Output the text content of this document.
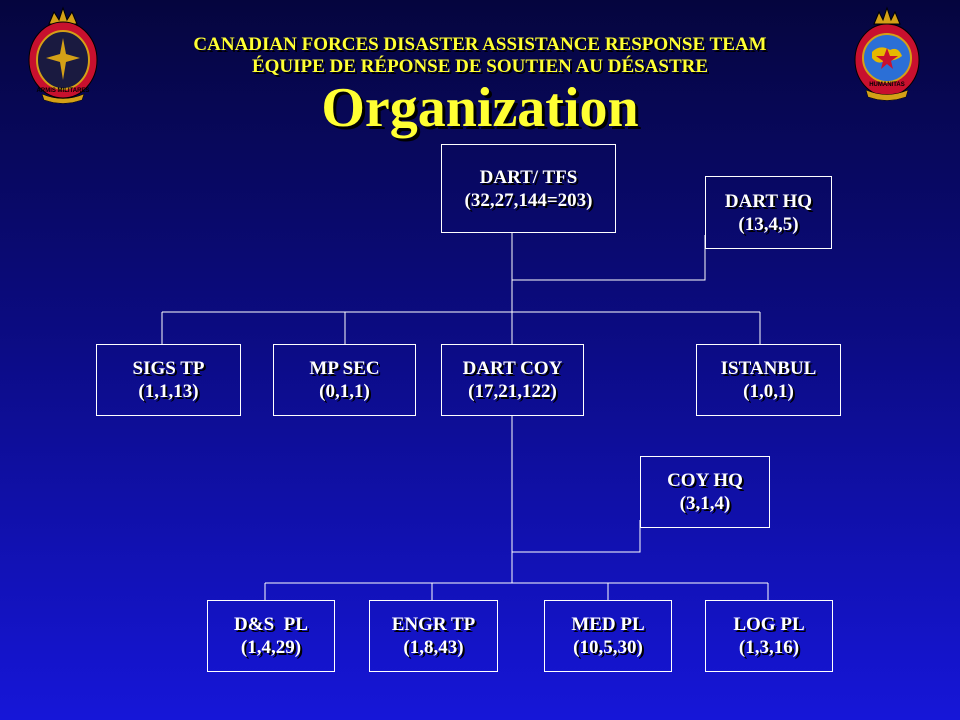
ARMIS MILITARES
HUMANITAS
CANADIAN FORCES DISASTER ASSISTANCE RESPONSE TEAM
ÉQUIPE DE RÉPONSE DE SOUTIEN AU DÉSASTRE
Organization
DART/ TFS
(32,27,144=203)	DART HQ
(13,4,5)
SIGS TP
(1,1,13)
MP SEC
(0,1,1)
DART COY
(17,21,122)
ISTANBUL
(1,0,1)
COY HQ
(3,1,4)
D&S  PL
(1,4,29)
ENGR TP
(1,8,43)
MED PL
(10,5,30)
LOG PL
(1,3,16)
